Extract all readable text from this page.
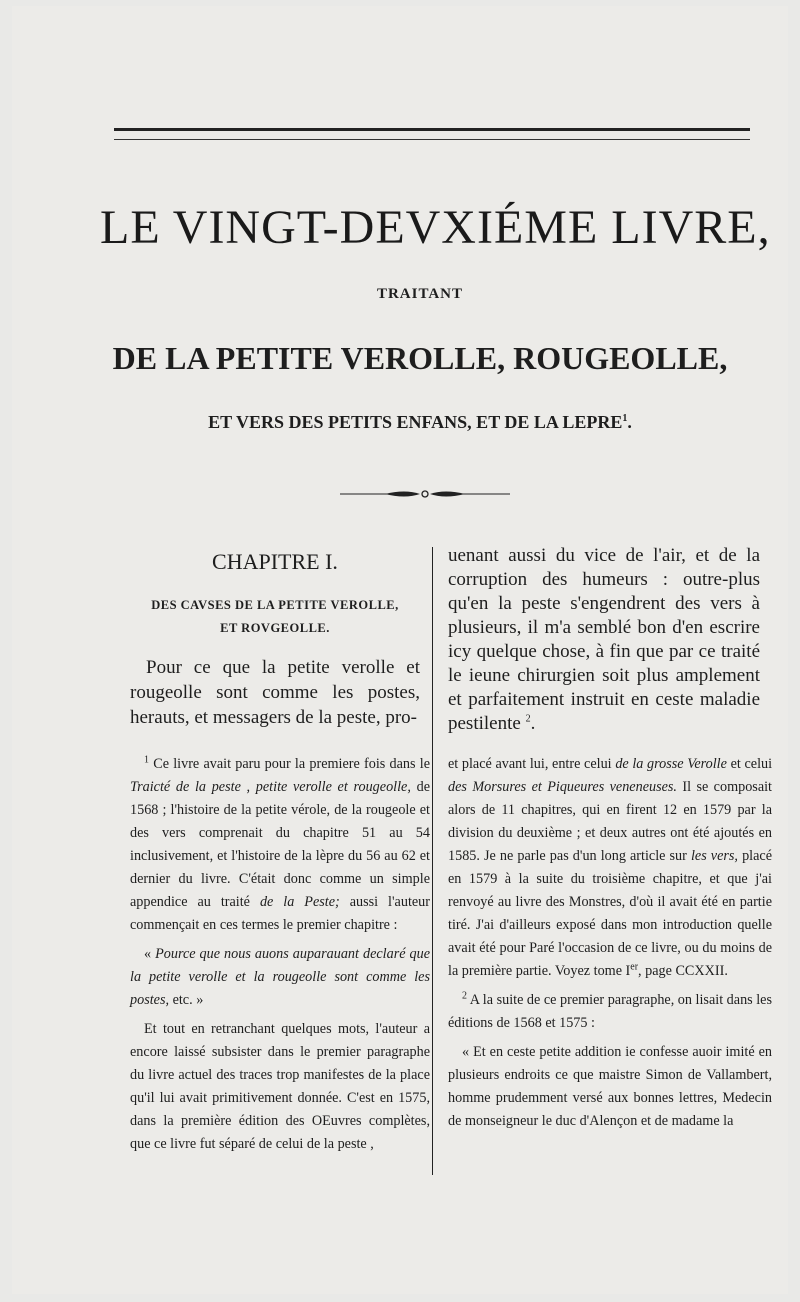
LE VINGT-DEVXIÉME LIVRE,
TRAITANT
DE LA PETITE VEROLLE, ROUGEOLLE,
ET VERS DES PETITS ENFANS, ET DE LA LEPRE$^1$.
CHAPITRE I.
DES CAVSES DE LA PETITE VEROLLE,
ET ROVGEOLLE.
Pour ce que la petite verolle et rougeolle sont comme les postes, herauts, et messagers de la peste, pro-
uenant aussi du vice de l'air, et de la corruption des humeurs : outre-plus qu'en la peste s'engendrent des vers à plusieurs, il m'a semblé bon d'en escrire icy quelque chose, à fin que par ce traité le ieune chirurgien soit plus amplement et parfaitement instruit en ceste maladie pestilente $^2$.

$^1$ Ce livre avait paru pour la premiere fois dans le Traicté de la peste , petite verolle et rougeolle, de 1568 ; l'histoire de la petite vérole, de la rougeole et des vers comprenait du chapitre 51 au 54 inclusivement, et l'histoire de la lèpre du 56 au 62 et dernier du livre. C'était donc comme un simple appendice au traité de la Peste; aussi l'auteur commençait en ces termes le premier chapitre :

« Pource que nous auons auparauant declaré que la petite verolle et la rougeolle sont comme les postes, etc. »

Et tout en retranchant quelques mots, l'auteur a encore laissé subsister dans le premier paragraphe du livre actuel des traces trop manifestes de la place qu'il lui avait primitivement donnée. C'est en 1575, dans la première édition des OEuvres complètes, que ce livre fut séparé de celui de la peste ,

et placé avant lui, entre celui de la grosse Verolle et celui des Morsures et Piqueures veneneuses. Il se composait alors de 11 chapitres, qui en firent 12 en 1579 par la division du deuxième ; et deux autres ont été ajoutés en 1585. Je ne parle pas d'un long article sur les vers, placé en 1579 à la suite du troisième chapitre, et que j'ai renvoyé au livre des Monstres, d'où il avait été en partie tiré. J'ai d'ailleurs exposé dans mon introduction quelle avait été pour Paré l'occasion de ce livre, ou du moins de la première partie. Voyez tome Ier, page CCXXII.

$^2$ A la suite de ce premier paragraphe, on lisait dans les éditions de 1568 et 1575 :

« Et en ceste petite addition ie confesse auoir imité en plusieurs endroits ce que maistre Simon de Vallambert, homme prudemment versé aux bonnes lettres, Medecin de monseigneur le duc d'Alençon et de madame la
